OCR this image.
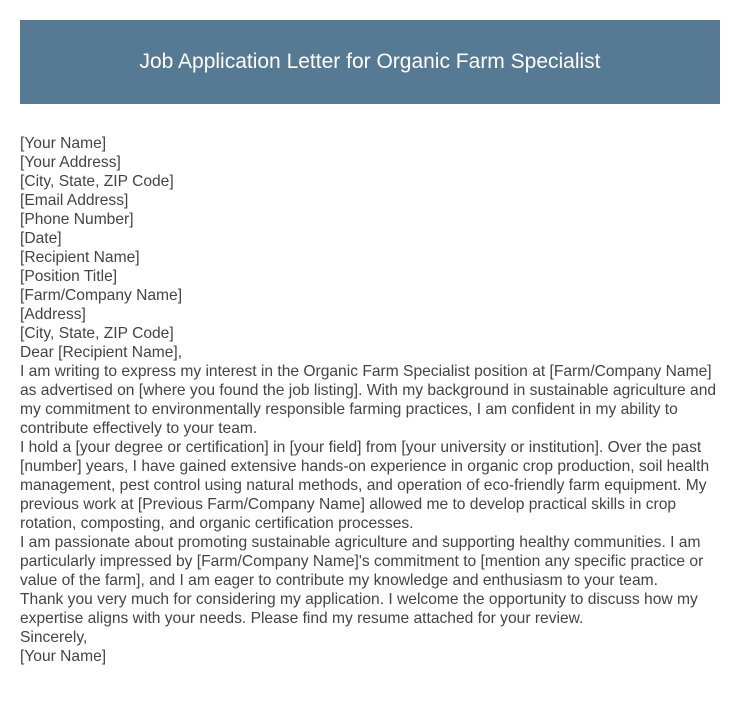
Job Application Letter for Organic Farm Specialist

[Your Name]

[Your Address]

[City, State, ZIP Code]

[Email Address]

[Phone Number]

[Date]

[Recipient Name]

[Position Title]

[Farm/Company Name]

[Address]

[City, State, ZIP Code]

Dear [Recipient Name],

I am writing to express my interest in the Organic Farm Specialist position at [Farm/Company Name] as advertised on [where you found the job listing]. With my background in sustainable agriculture and my commitment to environmentally responsible farming practices, I am confident in my ability to contribute effectively to your team.

I hold a [your degree or certification] in [your field] from [your university or institution]. Over the past [number] years, I have gained extensive hands-on experience in organic crop production, soil health management, pest control using natural methods, and operation of eco-friendly farm equipment. My previous work at [Previous Farm/Company Name] allowed me to develop practical skills in crop rotation, composting, and organic certification processes.

I am passionate about promoting sustainable agriculture and supporting healthy communities. I am particularly impressed by [Farm/Company Name]'s commitment to [mention any specific practice or value of the farm], and I am eager to contribute my knowledge and enthusiasm to your team.

Thank you very much for considering my application. I welcome the opportunity to discuss how my expertise aligns with your needs. Please find my resume attached for your review.

Sincerely,

[Your Name]
